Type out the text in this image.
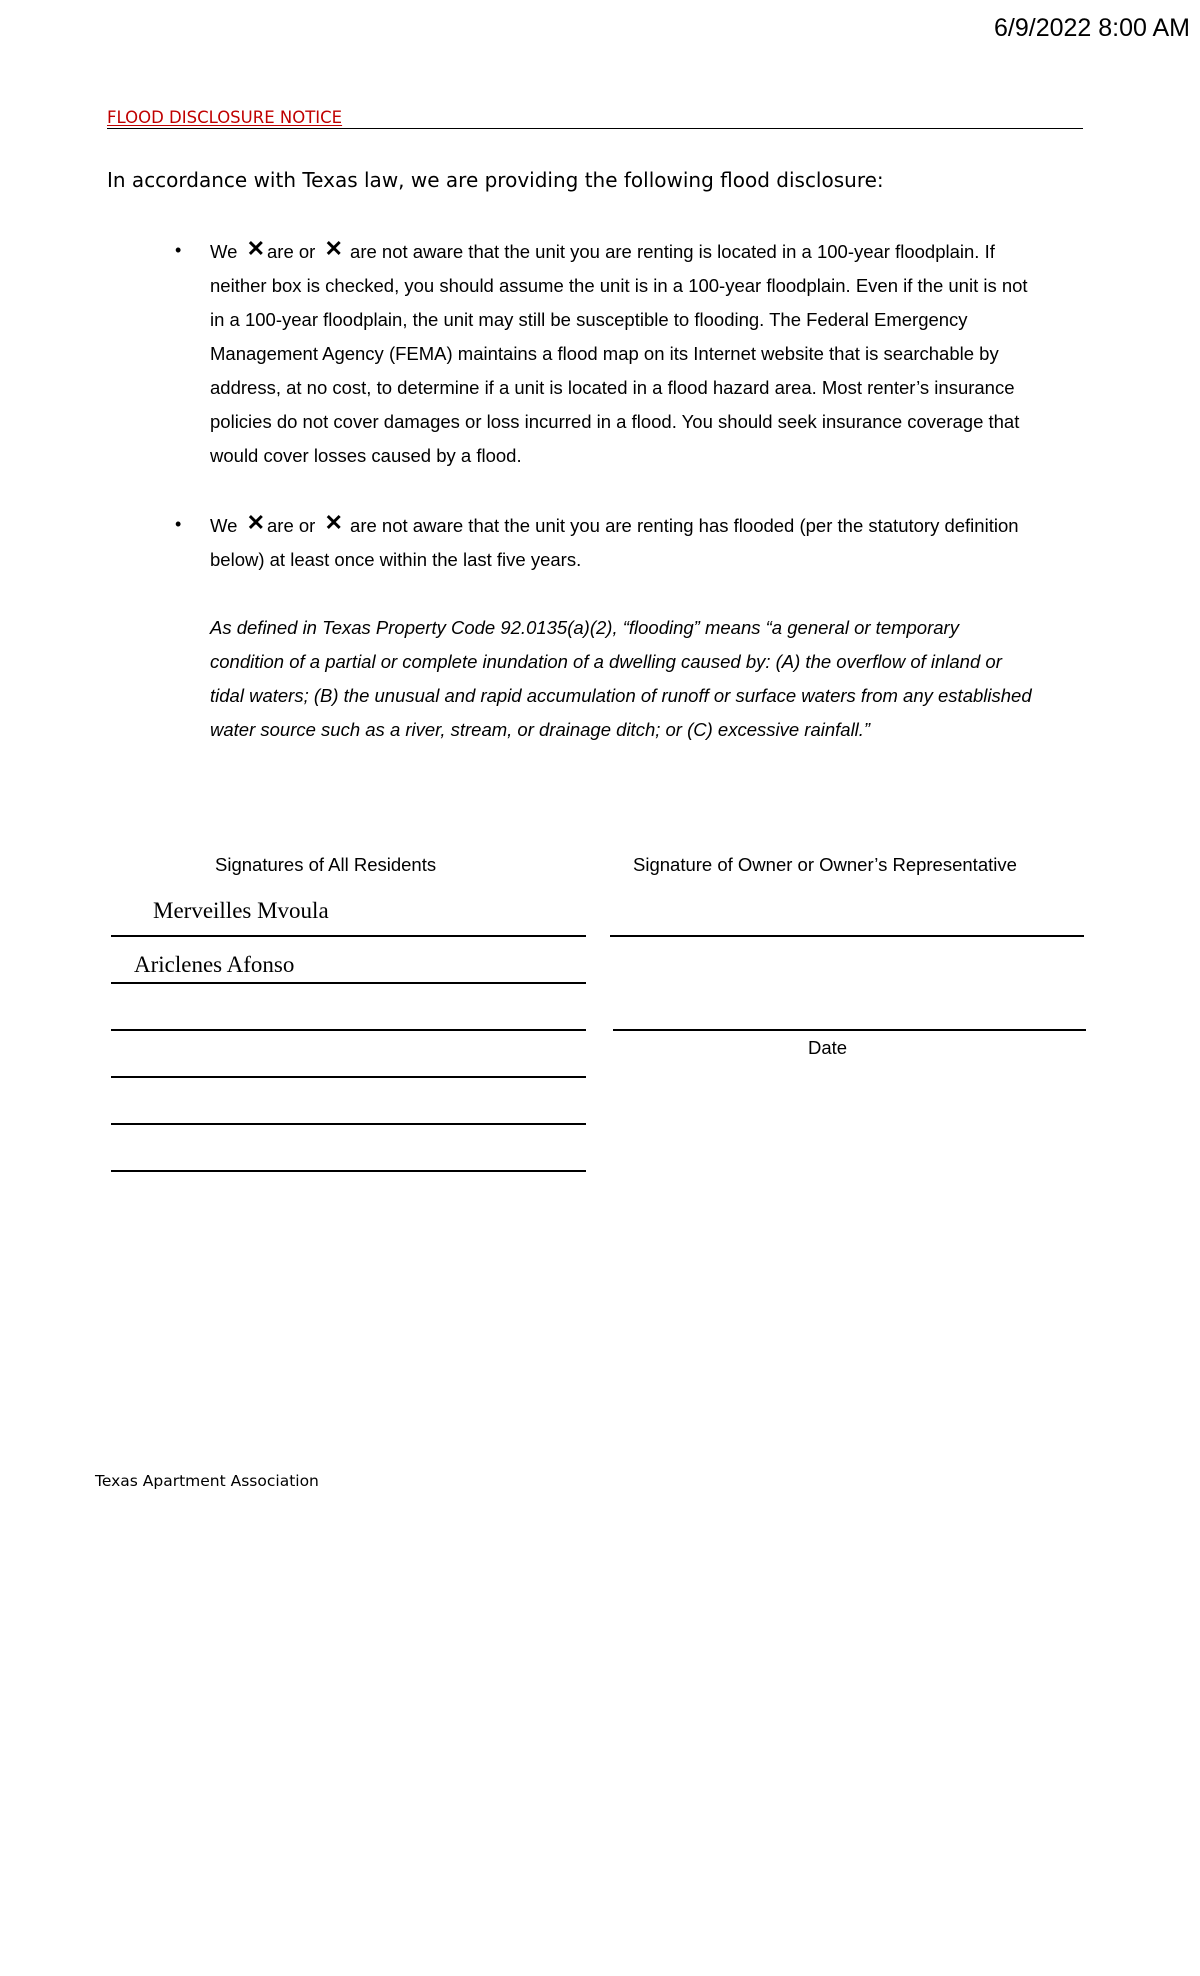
6/9/2022 8:00 AM
FLOOD DISCLOSURE NOTICE
In accordance with Texas law, we are providing the following flood disclosure:
• We ✕ are or ✕ are not aware that the unit you are renting is located in a 100-year floodplain. If
neither box is checked, you should assume the unit is in a 100-year floodplain. Even if the unit is not
in a 100-year floodplain, the unit may still be susceptible to flooding. The Federal Emergency
Management Agency (FEMA) maintains a flood map on its Internet website that is searchable by
address, at no cost, to determine if a unit is located in a flood hazard area. Most renter’s insurance
policies do not cover damages or loss incurred in a flood. You should seek insurance coverage that
would cover losses caused by a flood.
• We ✕ are or ✕ are not aware that the unit you are renting has flooded (per the statutory definition
below) at least once within the last five years.
As defined in Texas Property Code 92.0135(a)(2), “flooding” means “a general or temporary
condition of a partial or complete inundation of a dwelling caused by: (A) the overflow of inland or
tidal waters; (B) the unusual and rapid accumulation of runoff or surface waters from any established
water source such as a river, stream, or drainage ditch; or (C) excessive rainfall.”
Signatures of All Residents	Signature of Owner or Owner’s Representative
Merveilles Mvoula
Ariclenes Afonso
Date
Texas Apartment Association
